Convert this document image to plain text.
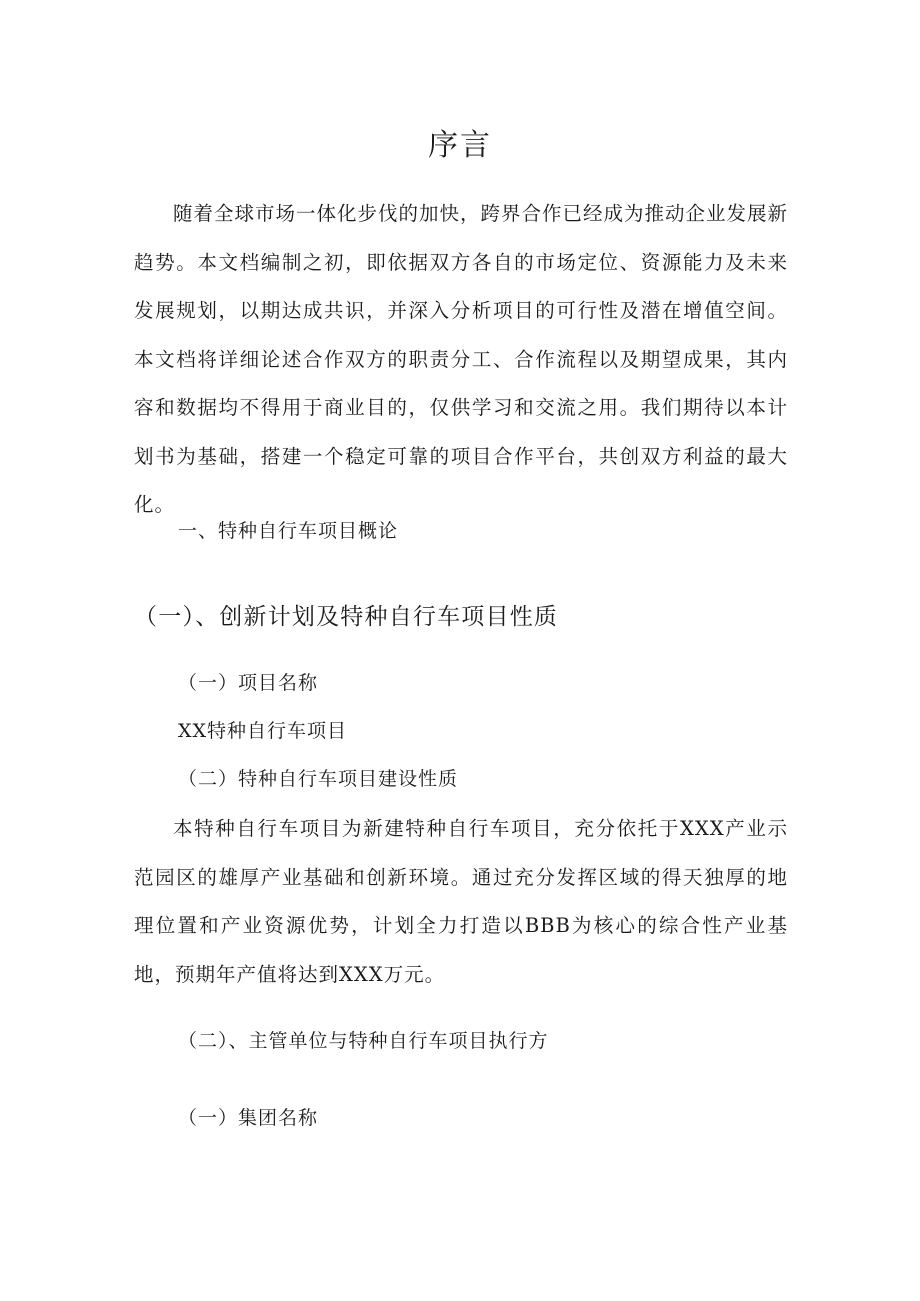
序言

随着全球市场一体化步伐的加快，跨界合作已经成为推动企业发展新趋势。本文档编制之初，即依据双方各自的市场定位、资源能力及未来发展规划，以期达成共识，并深入分析项目的可行性及潜在增值空间。本文档将详细论述合作双方的职责分工、合作流程以及期望成果，其内容和数据均不得用于商业目的，仅供学习和交流之用。我们期待以本计划书为基础，搭建一个稳定可靠的项目合作平台，共创双方利益的最大化。

一、特种自行车项目概论

（一）、创新计划及特种自行车项目性质

（一）项目名称

XX特种自行车项目

（二）特种自行车项目建设性质

本特种自行车项目为新建特种自行车项目，充分依托于XXX产业示范园区的雄厚产业基础和创新环境。通过充分发挥区域的得天独厚的地理位置和产业资源优势，计划全力打造以BBB为核心的综合性产业基地，预期年产值将达到XXX万元。

（二）、主管单位与特种自行车项目执行方

（一）集团名称
